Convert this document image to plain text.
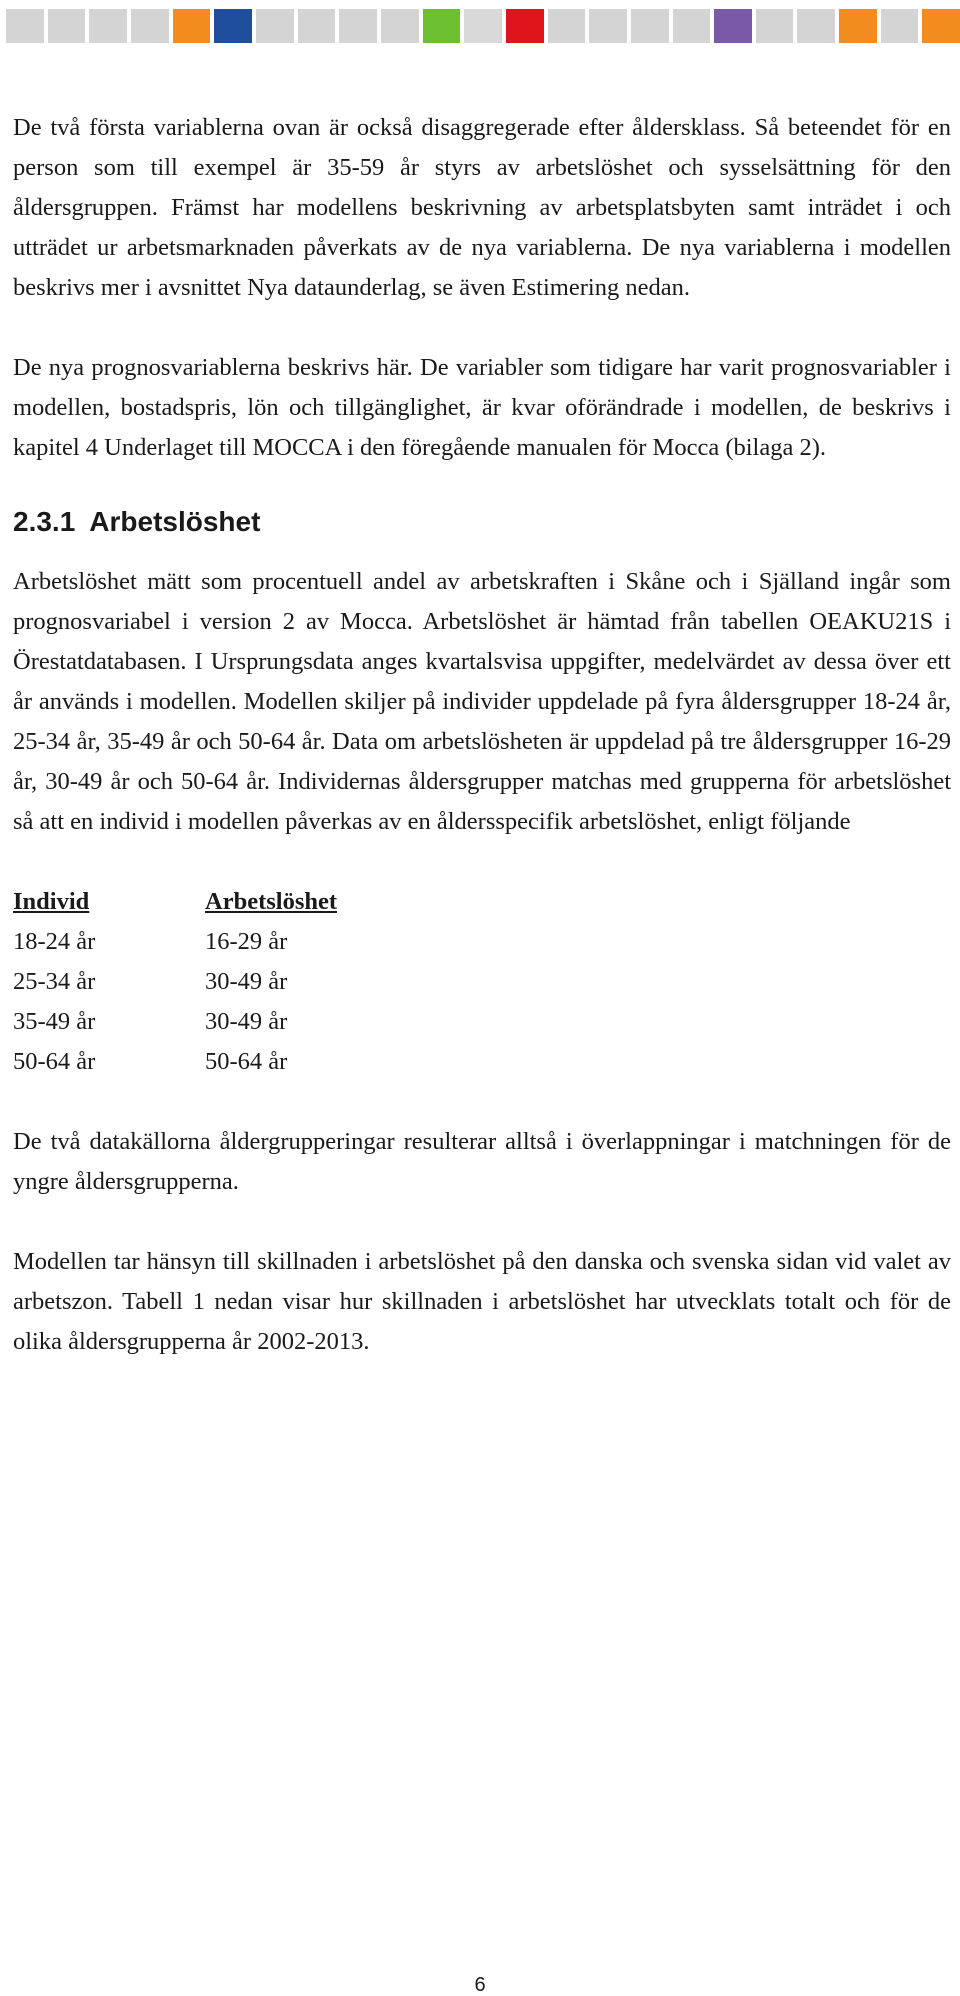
De två första variablerna ovan är också disaggregerade efter åldersklass. Så beteendet för en person som till exempel är 35-59 år styrs av arbetslöshet och sysselsättning för den åldersgruppen. Främst har modellens beskrivning av arbetsplatsbyten samt inträdet i och utträdet ur arbetsmarknaden påverkats av de nya variablerna. De nya variablerna i modellen beskrivs mer i avsnittet Nya dataunderlag, se även Estimering nedan.

De nya prognosvariablerna beskrivs här. De variabler som tidigare har varit prognosvariabler i modellen, bostadspris, lön och tillgänglighet, är kvar oförändrade i modellen, de beskrivs i kapitel 4 Underlaget till MOCCA i den föregående manualen för Mocca (bilaga 2).

2.3.1 Arbetslöshet

Arbetslöshet mätt som procentuell andel av arbetskraften i Skåne och i Själland ingår som prognosvariabel i version 2 av Mocca. Arbetslöshet är hämtad från tabellen OEAKU21S i Örestatdatabasen. I Ursprungsdata anges kvartalsvisa uppgifter, medelvärdet av dessa över ett år används i modellen. Modellen skiljer på individer uppdelade på fyra åldersgrupper 18-24 år, 25-34 år, 35-49 år och 50-64 år. Data om arbetslösheten är uppdelad på tre åldersgrupper 16-29 år, 30-49 år och 50-64 år. Individernas åldersgrupper matchas med grupperna för arbetslöshet så att en individ i modellen påverkas av en åldersspecifik arbetslöshet, enligt följande

Individ	Arbetslöshet
18-24 år	16-29 år
25-34 år	30-49 år
35-49 år	30-49 år
50-64 år	50-64 år

De två datakällorna åldergrupperingar resulterar alltså i överlappningar i matchningen för de yngre åldersgrupperna.

Modellen tar hänsyn till skillnaden i arbetslöshet på den danska och svenska sidan vid valet av arbetszon. Tabell 1 nedan visar hur skillnaden i arbetslöshet har utvecklats totalt och för de olika åldersgrupperna år 2002-2013.

6
